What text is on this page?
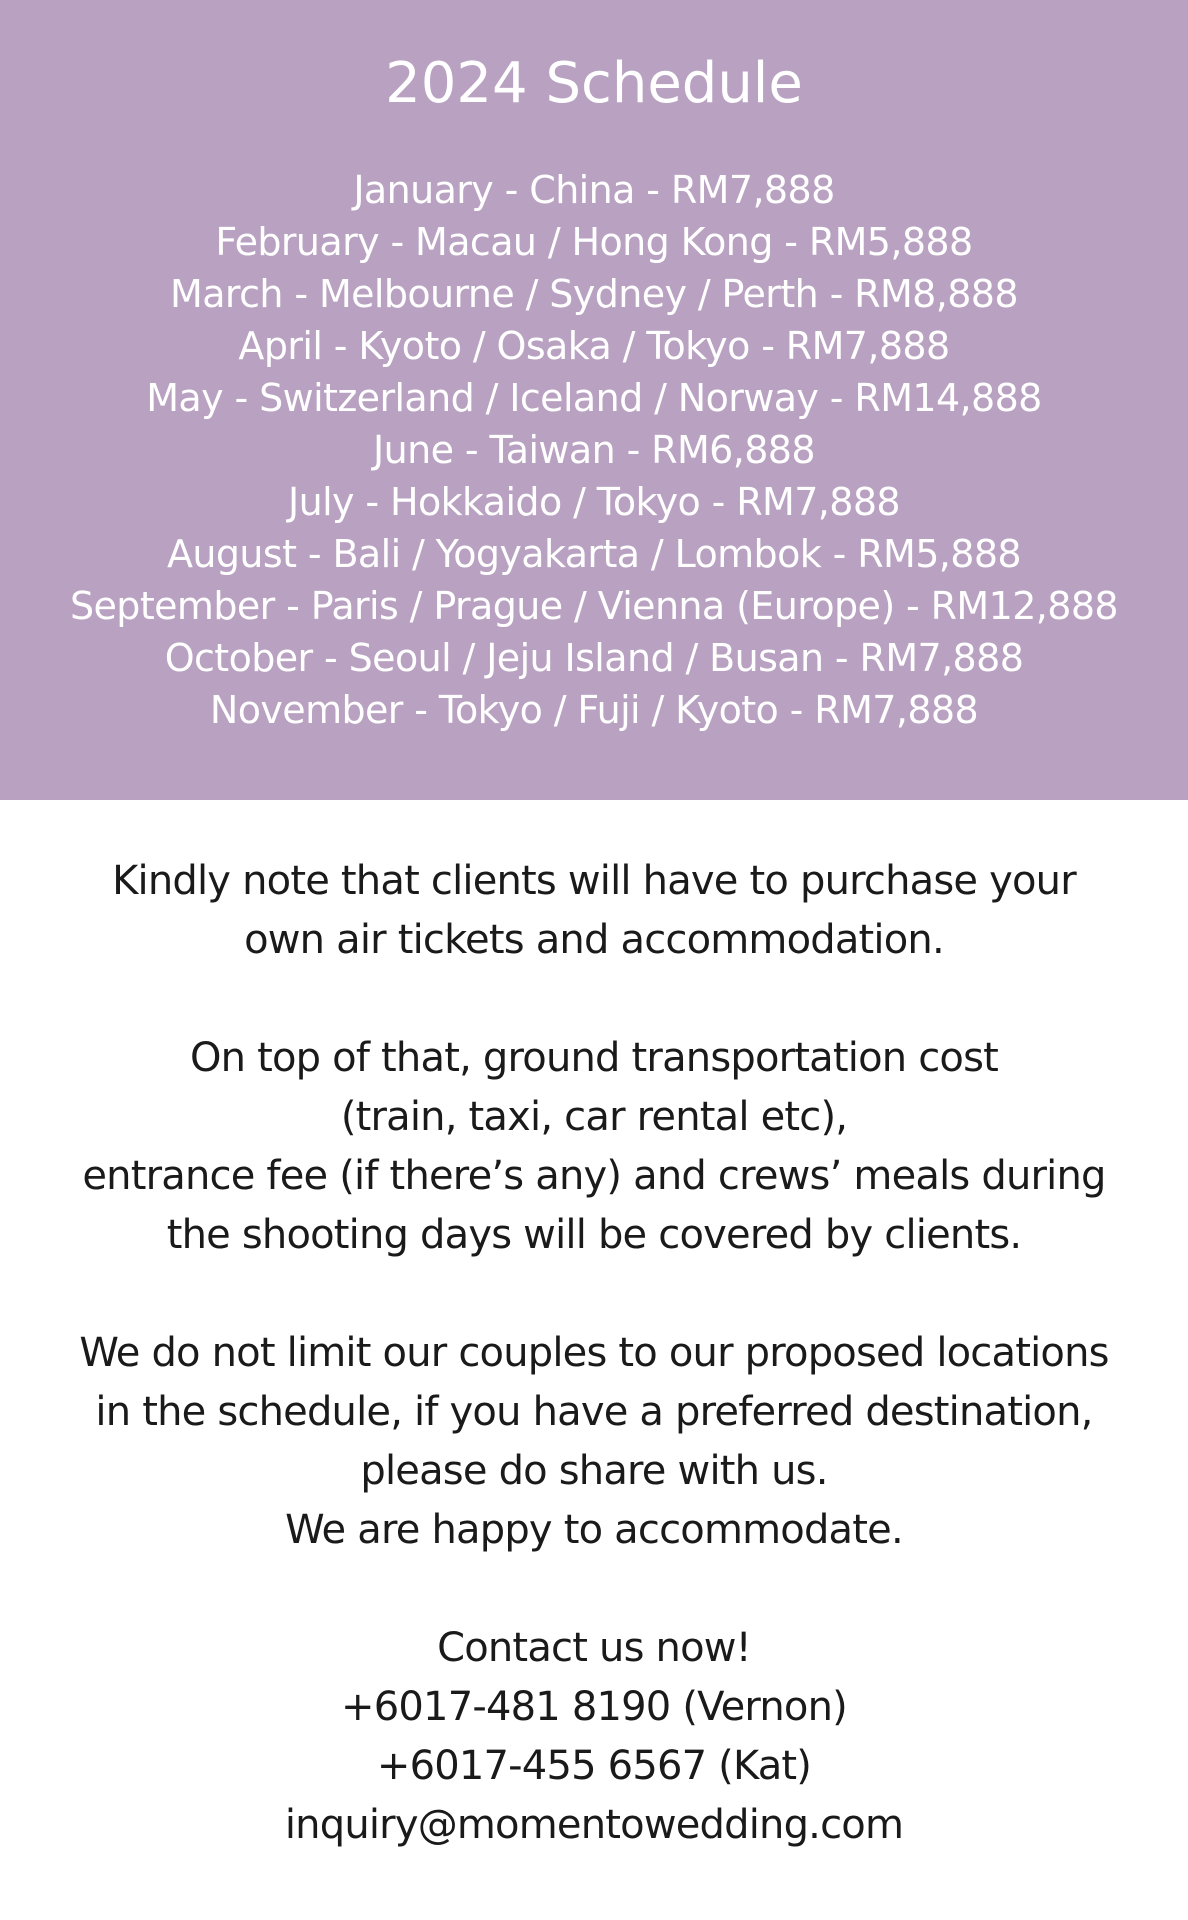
2024 Schedule
January - China - RM7,888
February - Macau / Hong Kong - RM5,888
March - Melbourne / Sydney / Perth - RM8,888
April - Kyoto / Osaka / Tokyo - RM7,888
May - Switzerland / Iceland / Norway - RM14,888
June - Taiwan - RM6,888
July - Hokkaido / Tokyo - RM7,888
August - Bali / Yogyakarta / Lombok - RM5,888
September - Paris / Prague / Vienna (Europe) - RM12,888
October - Seoul / Jeju Island / Busan - RM7,888
November - Tokyo / Fuji / Kyoto - RM7,888
Kindly note that clients will have to purchase your
own air tickets and accommodation.
On top of that, ground transportation cost
(train, taxi, car rental etc),
entrance fee (if there’s any) and crews’ meals during
the shooting days will be covered by clients.
We do not limit our couples to our proposed locations
in the schedule, if you have a preferred destination,
please do share with us.
We are happy to accommodate.
Contact us now!
+6017-481 8190 (Vernon)
+6017-455 6567 (Kat)
inquiry@momentowedding.com
